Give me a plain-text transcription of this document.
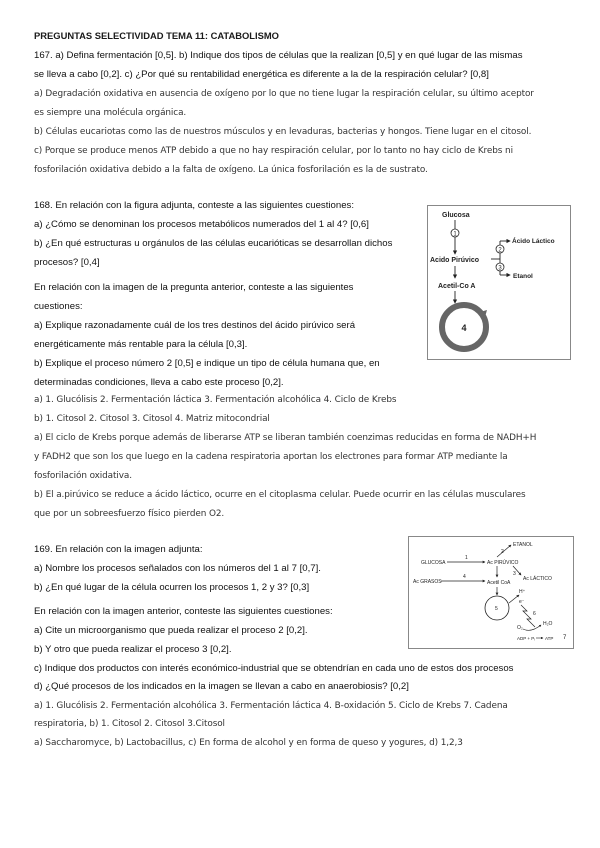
PREGUNTAS SELECTIVIDAD TEMA 11: CATABOLISMO
167. a) Defina fermentación [0,5]. b) Indique dos tipos de células que la realizan [0,5] y en qué lugar de las mismas
se lleva a cabo [0,2]. c) ¿Por qué su rentabilidad energética es diferente a la de la respiración celular? [0,8]
a) Degradación oxidativa en ausencia de oxígeno por lo que no tiene lugar la respiración celular, su último aceptor
es siempre una molécula orgánica.
b) Células eucariotas como las de nuestros músculos y en levaduras, bacterias y hongos. Tiene lugar en el citosol.
c) Porque se produce menos ATP debido a que no hay respiración celular, por lo tanto no hay ciclo de Krebs ni
fosforilación oxidativa debido a la falta de oxígeno. La única fosforilación es la de sustrato.
168. En relación con la figura adjunta, conteste a las siguientes cuestiones:
a) ¿Cómo se denominan los procesos metabólicos numerados del 1 al 4? [0,6]
b) ¿En qué estructuras u orgánulos de las células eucarióticas se desarrollan dichos
procesos? [0,4]
En relación con la imagen de la pregunta anterior, conteste a las siguientes
cuestiones:
a) Explique razonadamente cuál de los tres destinos del ácido pirúvico será
energéticamente más rentable para la célula [0,3].
b) Explique el proceso número 2 [0,5] e indique un tipo de célula humana que, en
determinadas condiciones, lleva a cabo este proceso [0,2].
a) 1. Glucólisis 2. Fermentación láctica 3. Fermentación alcohólica 4. Ciclo de Krebs
b) 1. Citosol 2. Citosol 3. Citosol 4. Matriz mitocondrial
a) El ciclo de Krebs porque además de liberarse ATP se liberan también coenzimas reducidas en forma de NADH+H
y FADH2 que son los que luego en la cadena respiratoria aportan los electrones para formar ATP mediante la
fosforilación oxidativa.
b) El a.pirúvico se reduce a ácido láctico, ocurre en el citoplasma celular. Puede ocurrir en las células musculares
que por un sobreesfuerzo físico pierden O2.
Glucosa
1
Acido Pirúvico
2
3
Ácido Láctico
Etanol
Acetil-Co A
4
169. En relación con la imagen adjunta:
a) Nombre los procesos señalados con los números del 1 al 7 [0,7].
b) ¿En qué lugar de la célula ocurren los procesos 1, 2 y 3? [0,3]
En relación con la imagen anterior, conteste las siguientes cuestiones:
a) Cite un microorganismo que pueda realizar el proceso 2 [0,2].
b) Y otro que pueda realizar el proceso 3 [0,2].
c) Indique dos productos con interés económico-industrial que se obtendrían en cada uno de estos dos procesos
d) ¿Qué procesos de los indicados en la imagen se llevan a cabo en anaerobiosis? [0,2]
a) 1. Glucólisis 2. Fermentación alcohólica 3. Fermentación láctica 4. B-oxidación 5. Ciclo de Krebs 7. Cadena
respiratoria, b) 1. Citosol 2. Citosol 3.Citosol
a) Saccharomyce, b) Lactobacillus, c) En forma de alcohol y en forma de queso y yogures, d) 1,2,3
ETANOL
2
GLUCOSA
1
Ac PIRÚVICO
3
Ac LÁCTICO
Ac GRASOS
4
Acetil CoA
5
H⁺
e⁻
6
O₂
H₂O
ADP + Pᵢ ATP 7
